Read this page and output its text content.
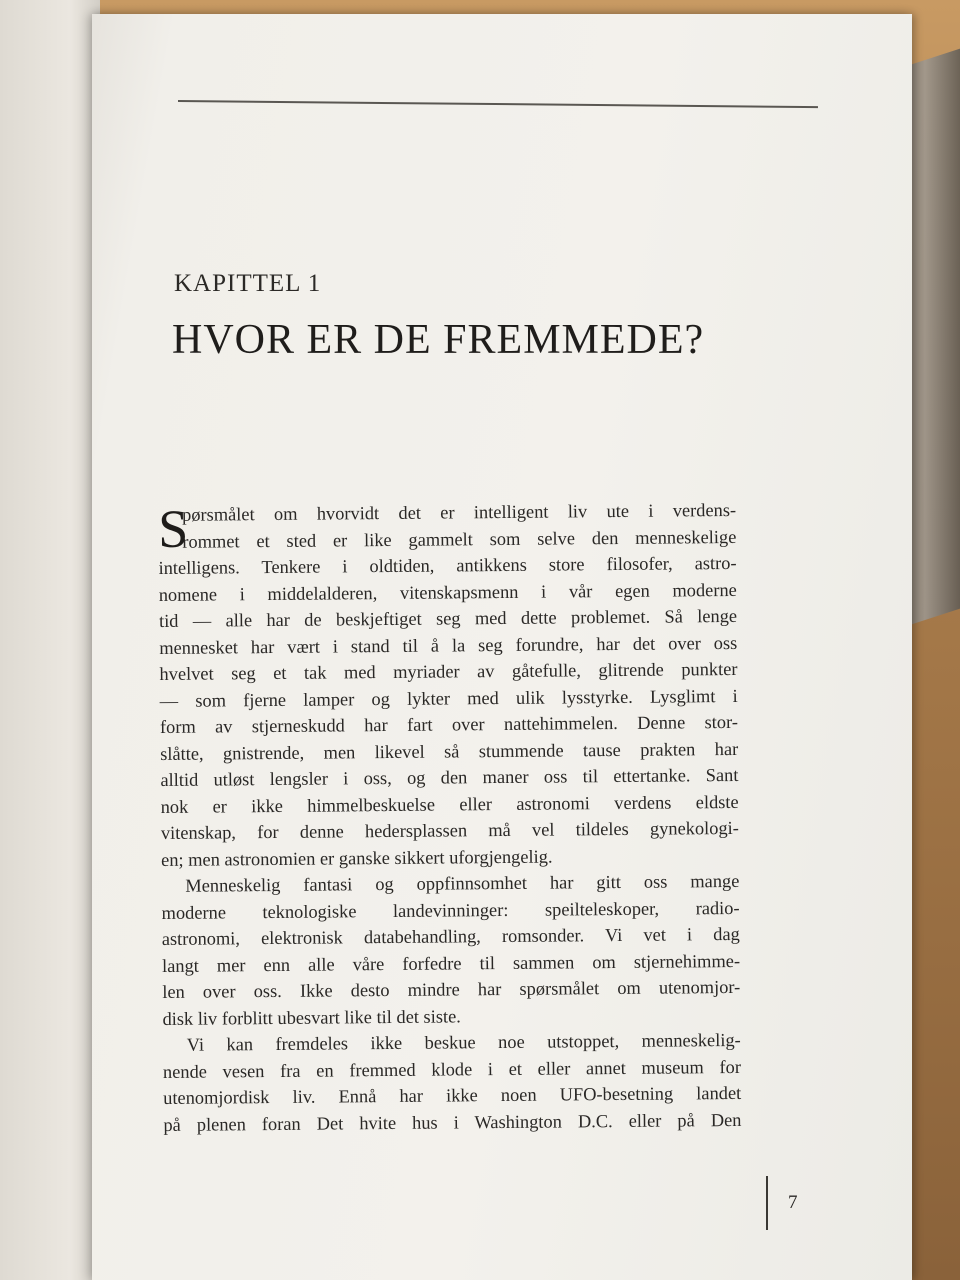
KAPITTEL 1
HVOR ER DE FREMMEDE?
S
pørsmålet om hvorvidt det er intelligent liv ute i verdens-
rommet et sted er like gammelt som selve den menneskelige
intelligens. Tenkere i oldtiden, antikkens store filosofer, astro-
nomene i middelalderen, vitenskapsmenn i vår egen moderne
tid — alle har de beskjeftiget seg med dette problemet. Så lenge
mennesket har vært i stand til å la seg forundre, har det over oss
hvelvet seg et tak med myriader av gåtefulle, glitrende punkter
— som fjerne lamper og lykter med ulik lysstyrke. Lysglimt i
form av stjerneskudd har fart over nattehimmelen. Denne stor-
slåtte, gnistrende, men likevel så stummende tause prakten har
alltid utløst lengsler i oss, og den maner oss til ettertanke. Sant
nok er ikke himmelbeskuelse eller astronomi verdens eldste
vitenskap, for denne hedersplassen må vel tildeles gynekologi-
en; men astronomien er ganske sikkert uforgjengelig.
Menneskelig fantasi og oppfinnsomhet har gitt oss mange
moderne teknologiske landevinninger: speilteleskoper, radio-
astronomi, elektronisk databehandling, romsonder. Vi vet i dag
langt mer enn alle våre forfedre til sammen om stjernehimme-
len over oss. Ikke desto mindre har spørsmålet om utenomjor-
disk liv forblitt ubesvart like til det siste.
Vi kan fremdeles ikke beskue noe utstoppet, menneskelig-
nende vesen fra en fremmed klode i et eller annet museum for
utenomjordisk liv. Ennå har ikke noen UFO-besetning landet
på plenen foran Det hvite hus i Washington D.C. eller på Den
7
